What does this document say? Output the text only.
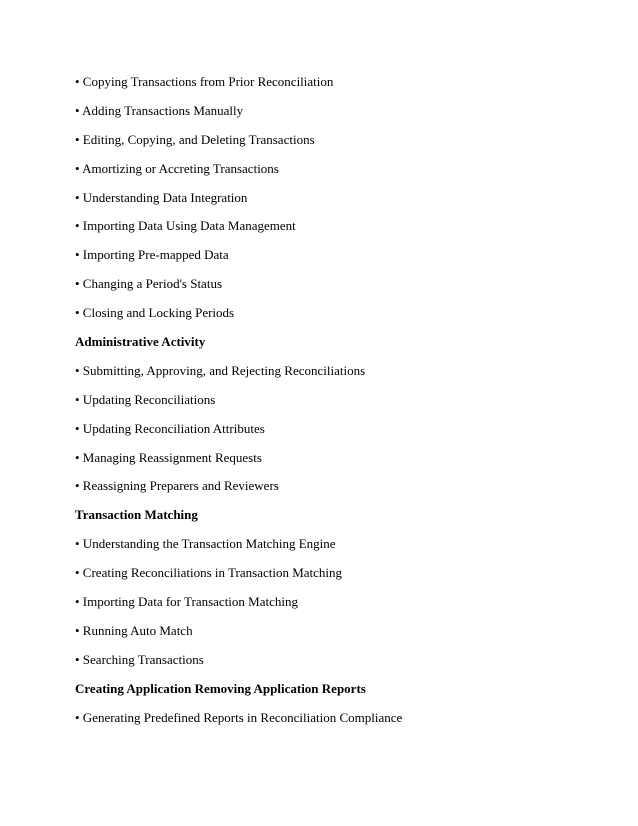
• Copying Transactions from Prior Reconciliation
• Adding Transactions Manually
• Editing, Copying, and Deleting Transactions
• Amortizing or Accreting Transactions
• Understanding Data Integration
• Importing Data Using Data Management
• Importing Pre-mapped Data
• Changing a Period's Status
• Closing and Locking Periods
Administrative Activity
• Submitting, Approving, and Rejecting Reconciliations
• Updating Reconciliations
• Updating Reconciliation Attributes
• Managing Reassignment Requests
• Reassigning Preparers and Reviewers
Transaction Matching
• Understanding the Transaction Matching Engine
• Creating Reconciliations in Transaction Matching
• Importing Data for Transaction Matching
• Running Auto Match
• Searching Transactions
Creating Application Removing Application Reports
• Generating Predefined Reports in Reconciliation Compliance
